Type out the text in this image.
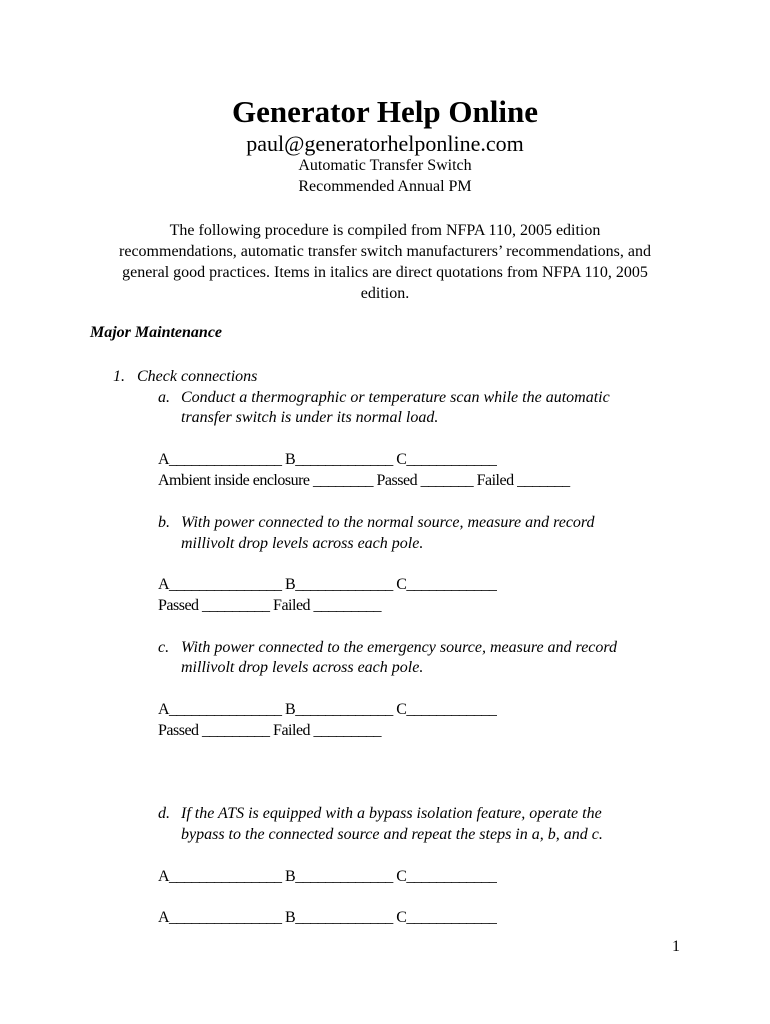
Generator Help Online
paul@generatorhelponline.com
Automatic Transfer Switch
Recommended Annual PM
The following procedure is compiled from NFPA 110, 2005 edition
recommendations, automatic transfer switch manufacturers’ recommendations, and
general good practices. Items in italics are direct quotations from NFPA 110, 2005
edition.
Major Maintenance
1. Check connections
a. Conduct a thermographic or temperature scan while the automatic
transfer switch is under its normal load.
A_______________ B_____________ C____________
Ambient inside enclosure ________ Passed _______ Failed _______
b. With power connected to the normal source, measure and record
millivolt drop levels across each pole.
A_______________ B_____________ C____________
Passed _________ Failed _________
c. With power connected to the emergency source, measure and record
millivolt drop levels across each pole.
A_______________ B_____________ C____________
Passed _________ Failed _________
d. If the ATS is equipped with a bypass isolation feature, operate the
bypass to the connected source and repeat the steps in a, b, and c.
A_______________ B_____________ C____________
A_______________ B_____________ C____________
1
